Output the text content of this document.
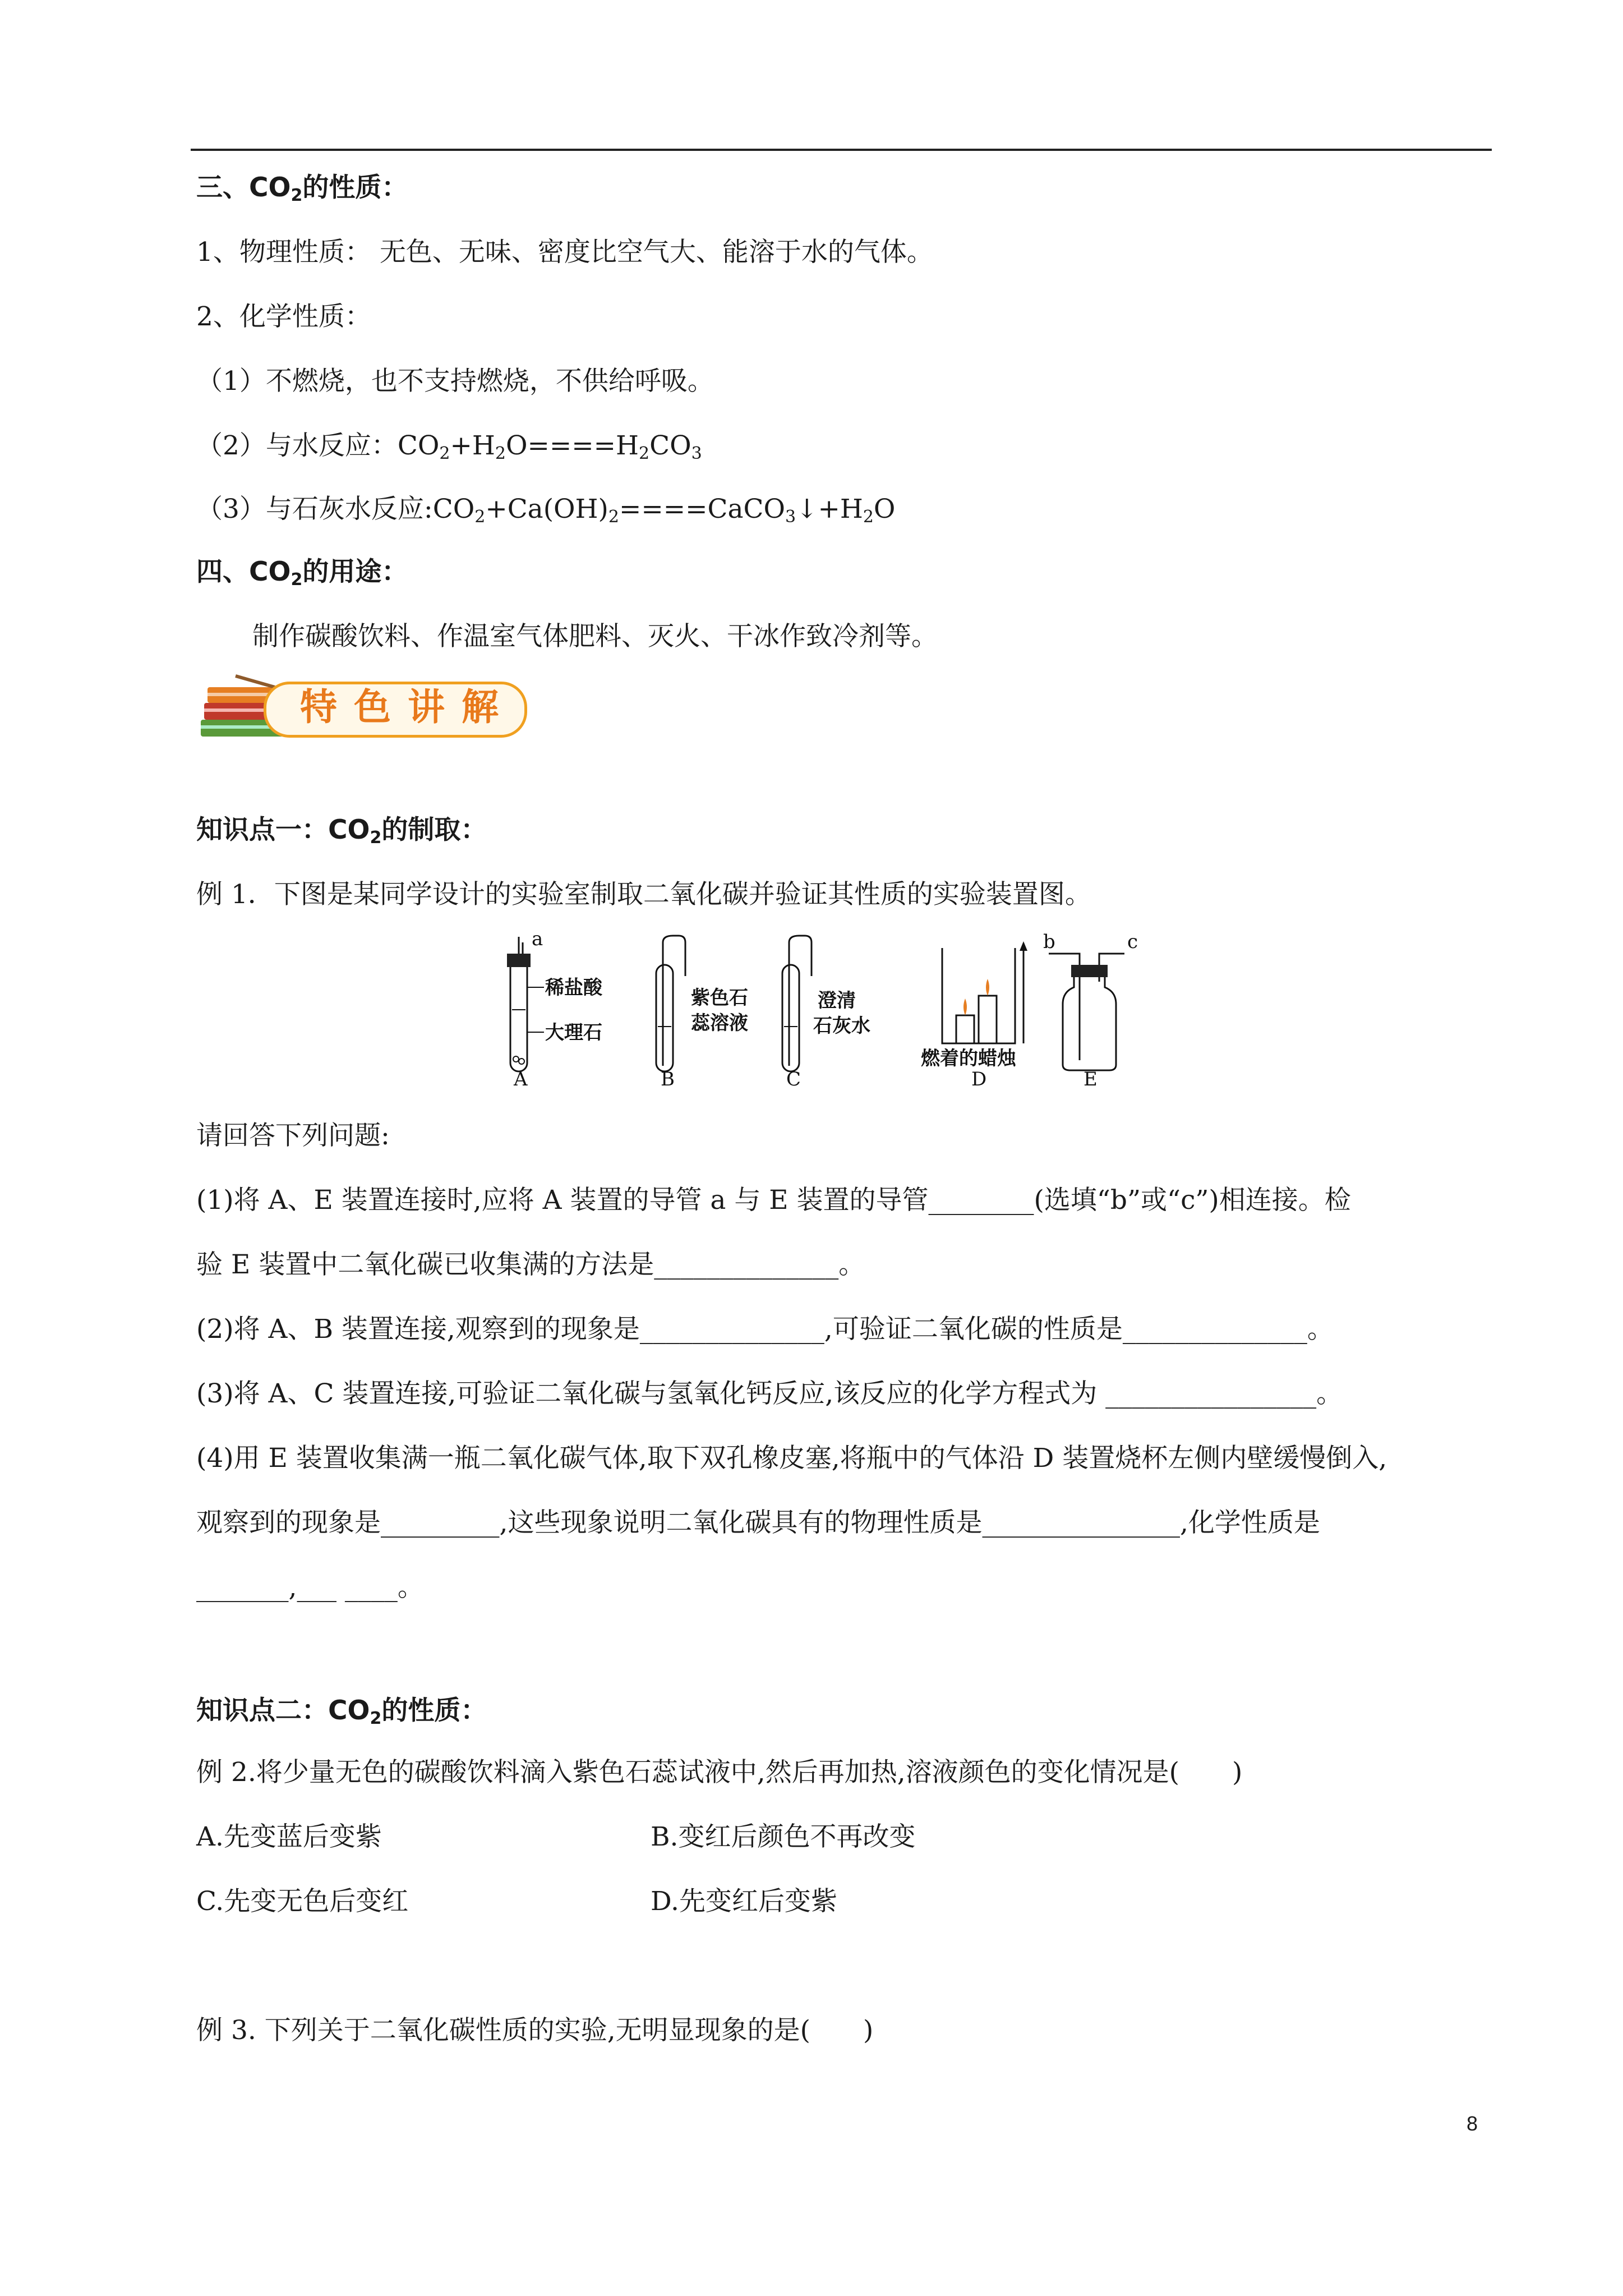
三、$CO_2$的性质：
1、物理性质： 无色、无味、密度比空气大、能溶于水的气体。
2、化学性质：
（1）不燃烧，也不支持燃烧，不供给呼吸。
（2）与水反应：$CO_2+H_2O====H_2CO_3$
（3）与石灰水反应$:CO_2+Ca(OH)_2====CaCO_3↓+H_2O$
四、$CO_2$的用途：
制作碳酸饮料、作温室气体肥料、灭火、干冰作致冷剂等。
特色讲解
知识点一：$CO_2$的制取：
例 1．下图是某同学设计的实验室制取二氧化碳并验证其性质的实验装置图。
a
稀盐酸
大理石
A
紫色石
蕊溶液
B
澄清
石灰水
C
燃着的蜡烛
D
b	c
E
请回答下列问题:
(1)将 A、E 装置连接时,应将 A 装置的导管 a 与 E 装置的导管________(选填“b”或“c”)相连接。检
验 E 装置中二氧化碳已收集满的方法是______________。
(2)将 A、B 装置连接,观察到的现象是______________,可验证二氧化碳的性质是______________。
(3)将 A、C 装置连接,可验证二氧化碳与氢氧化钙反应,该反应的化学方程式为 ________________。
(4)用 E 装置收集满一瓶二氧化碳气体,取下双孔橡皮塞,将瓶中的气体沿 D 装置烧杯左侧内壁缓慢倒入,
观察到的现象是_________,这些现象说明二氧化碳具有的物理性质是_______________,化学性质是
_______,___ ____。
知识点二：$CO_2$的性质：
例 2.将少量无色的碳酸饮料滴入紫色石蕊试液中,然后再加热,溶液颜色的变化情况是(　　)
A.先变蓝后变紫	B.变红后颜色不再改变
C.先变无色后变红	D.先变红后变紫
例 3. 下列关于二氧化碳性质的实验,无明显现象的是(　　)
8
